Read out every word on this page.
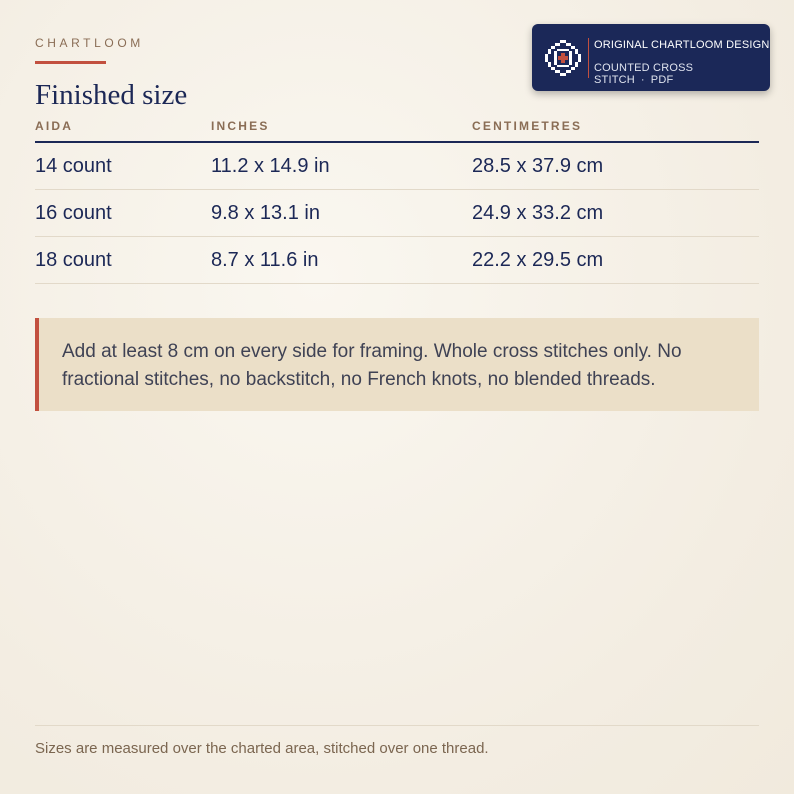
CHARTLOOM
Finished size
ORIGINAL CHARTLOOM DESIGN
COUNTED CROSS STITCH · PDF
AIDA	INCHES	CENTIMETRES
14 count	11.2 x 14.9 in	28.5 x 37.9 cm
16 count	9.8 x 13.1 in	24.9 x 33.2 cm
18 count	8.7 x 11.6 in	22.2 x 29.5 cm
Add at least 8 cm on every side for framing. Whole cross stitches only. No fractional stitches, no backstitch, no French knots, no blended threads.
Sizes are measured over the charted area, stitched over one thread.
